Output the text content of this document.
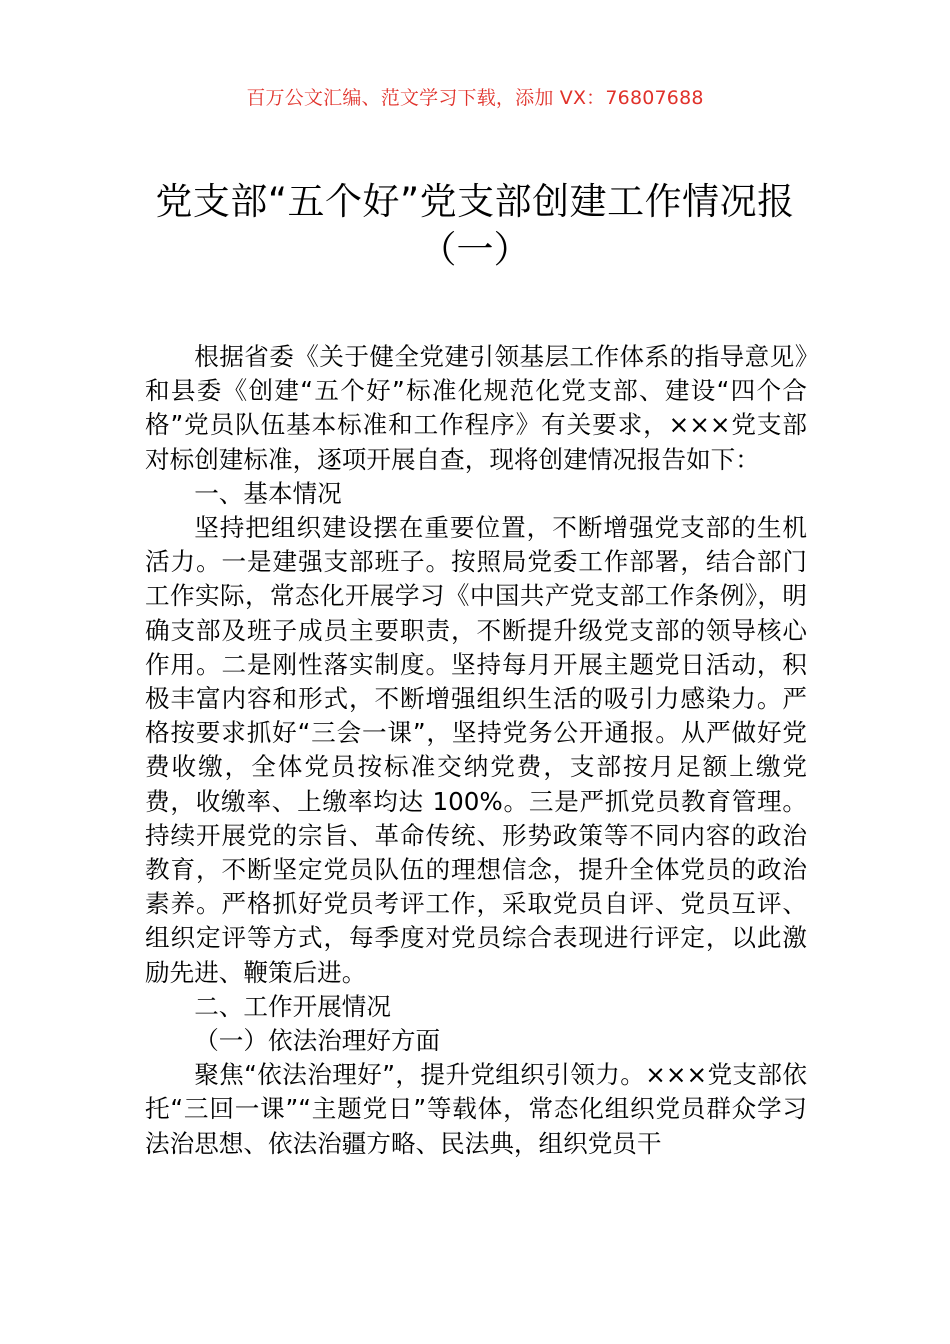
百万公文汇编、范文学习下载，添加 VX：76807688
党支部“五个好”党支部创建工作情况报
（一）

根据省委《关于健全党建引领基层工作体系的指导意见》和县委《创建“五个好”标准化规范化党支部、建设“四个合格”党员队伍基本标准和工作程序》有关要求，×××党支部对标创建标准，逐项开展自查，现将创建情况报告如下：

一、基本情况

坚持把组织建设摆在重要位置，不断增强党支部的生机活力。一是建强支部班子。按照局党委工作部署，结合部门工作实际，常态化开展学习《中国共产党支部工作条例》，明确支部及班子成员主要职责，不断提升级党支部的领导核心作用。二是刚性落实制度。坚持每月开展主题党日活动，积极丰富内容和形式，不断增强组织生活的吸引力感染力。严格按要求抓好“三会一课”，坚持党务公开通报。从严做好党费收缴，全体党员按标准交纳党费，支部按月足额上缴党费，收缴率、上缴率均达 100%。三是严抓党员教育管理。持续开展党的宗旨、革命传统、形势政策等不同内容的政治教育，不断坚定党员队伍的理想信念，提升全体党员的政治素养。严格抓好党员考评工作，采取党员自评、党员互评、组织定评等方式，每季度对党员综合表现进行评定，以此激励先进、鞭策后进。

二、工作开展情况

（一）依法治理好方面

聚焦“依法治理好”，提升党组织引领力。×××党支部依托“三回一课”“主题党日”等载体，常态化组织党员群众学习法治思想、依法治疆方略、民法典，组织党员干
